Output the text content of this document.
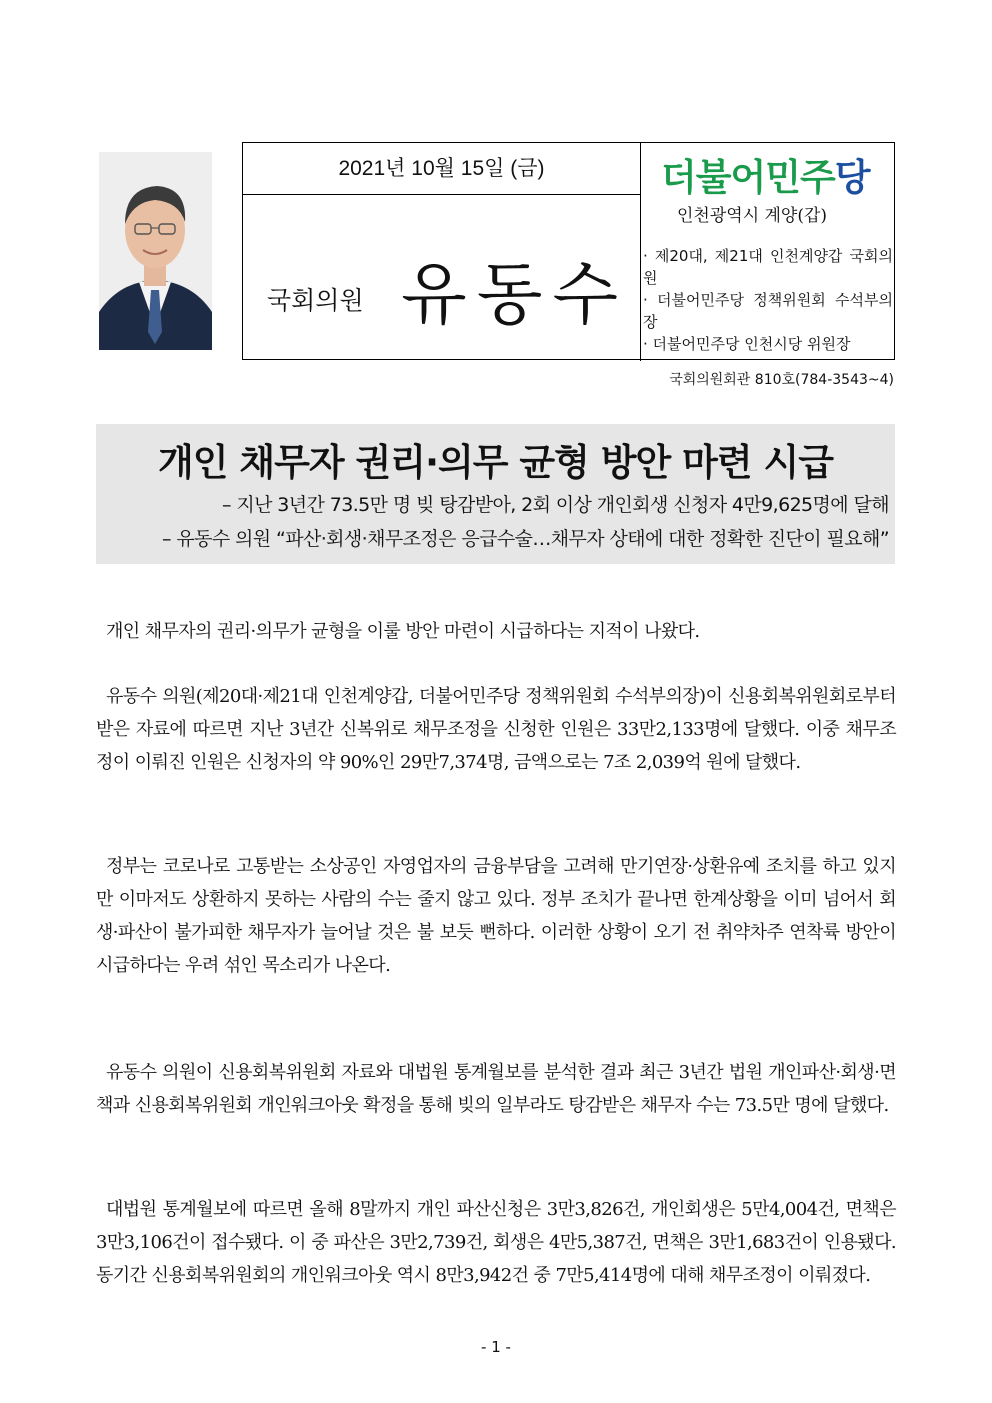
2021년 10월 15일 (금)
국회의원 유동수
더불어민주당
인천광역시 계양(갑)
· 제20대, 제21대 인천계양갑 국회의원
· 더불어민주당 정책위원회 수석부의장
· 더불어민주당 인천시당 위원장
국회의원회관 810호(784-3543~4)
개인 채무자 권리·의무 균형 방안 마련 시급
– 지난 3년간 73.5만 명 빚 탕감받아, 2회 이상 개인회생 신청자 4만9,625명에 달해
– 유동수 의원 “파산·회생·채무조정은 응급수술…채무자 상태에 대한 정확한 진단이 필요해”

개인 채무자의 권리·의무가 균형을 이룰 방안 마련이 시급하다는 지적이 나왔다.

유동수 의원(제20대·제21대 인천계양갑, 더불어민주당 정책위원회 수석부의장)이 신용회복위원회로부터 받은 자료에 따르면 지난 3년간 신복위로 채무조정을 신청한 인원은 33만2,133명에 달했다. 이중 채무조정이 이뤄진 인원은 신청자의 약 90%인 29만7,374명, 금액으로는 7조 2,039억 원에 달했다.

정부는 코로나로 고통받는 소상공인 자영업자의 금융부담을 고려해 만기연장·상환유예 조치를 하고 있지만 이마저도 상환하지 못하는 사람의 수는 줄지 않고 있다. 정부 조치가 끝나면 한계상황을 이미 넘어서 회생·파산이 불가피한 채무자가 늘어날 것은 불 보듯 뻔하다. 이러한 상황이 오기 전 취약차주 연착륙 방안이 시급하다는 우려 섞인 목소리가 나온다.

유동수 의원이 신용회복위원회 자료와 대법원 통계월보를 분석한 결과 최근 3년간 법원 개인파산·회생·면책과 신용회복위원회 개인워크아웃 확정을 통해 빚의 일부라도 탕감받은 채무자 수는 73.5만 명에 달했다.

대법원 통계월보에 따르면 올해 8말까지 개인 파산신청은 3만3,826건, 개인회생은 5만4,004건, 면책은 3만3,106건이 접수됐다. 이 중 파산은 3만2,739건, 회생은 4만5,387건, 면책은 3만1,683건이 인용됐다. 동기간 신용회복위원회의 개인워크아웃 역시 8만3,942건 중 7만5,414명에 대해 채무조정이 이뤄졌다.

- 1 -
